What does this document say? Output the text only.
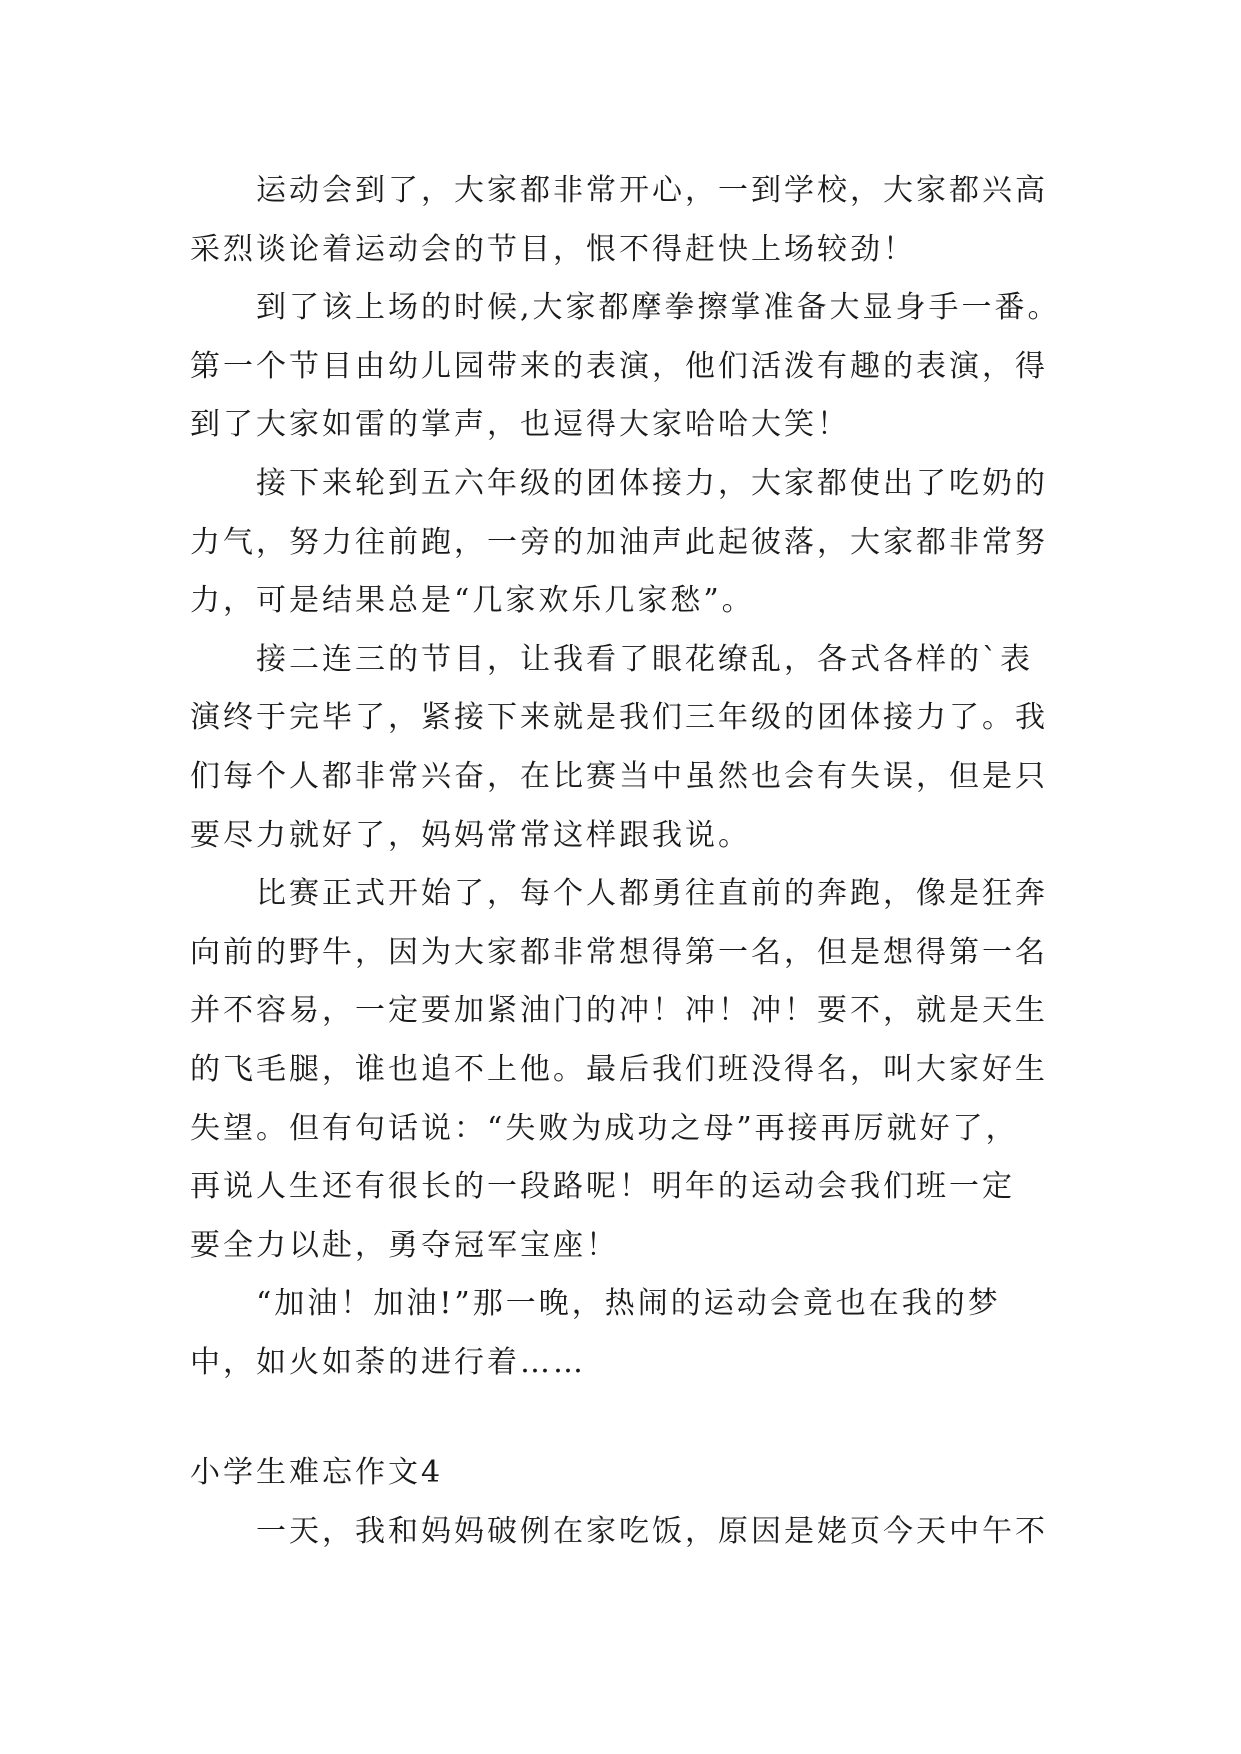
运动会到了，大家都非常开心，一到学校，大家都兴高
采烈谈论着运动会的节目，恨不得赶快上场较劲！
到了该上场的时候,大家都摩拳擦掌准备大显身手一番。
第一个节目由幼儿园带来的表演，他们活泼有趣的表演，得
到了大家如雷的掌声，也逗得大家哈哈大笑！
接下来轮到五六年级的团体接力，大家都使出了吃奶的
力气，努力往前跑，一旁的加油声此起彼落，大家都非常努
力，可是结果总是“几家欢乐几家愁”。
接二连三的节目，让我看了眼花缭乱，各式各样的`表
演终于完毕了，紧接下来就是我们三年级的团体接力了。我
们每个人都非常兴奋，在比赛当中虽然也会有失误，但是只
要尽力就好了，妈妈常常这样跟我说。
比赛正式开始了，每个人都勇往直前的奔跑，像是狂奔
向前的野牛，因为大家都非常想得第一名，但是想得第一名
并不容易，一定要加紧油门的冲！冲！冲！要不，就是天生
的飞毛腿，谁也追不上他。最后我们班没得名，叫大家好生
失望。但有句话说：“失败为成功之母”再接再厉就好了，
再说人生还有很长的一段路呢！明年的运动会我们班一定
要全力以赴，勇夺冠军宝座！
“加油！加油!”那一晚，热闹的运动会竟也在我的梦
中，如火如荼的进行着……
小学生难忘作文4
一天，我和妈妈破例在家吃饭，原因是姥页今天中午不
